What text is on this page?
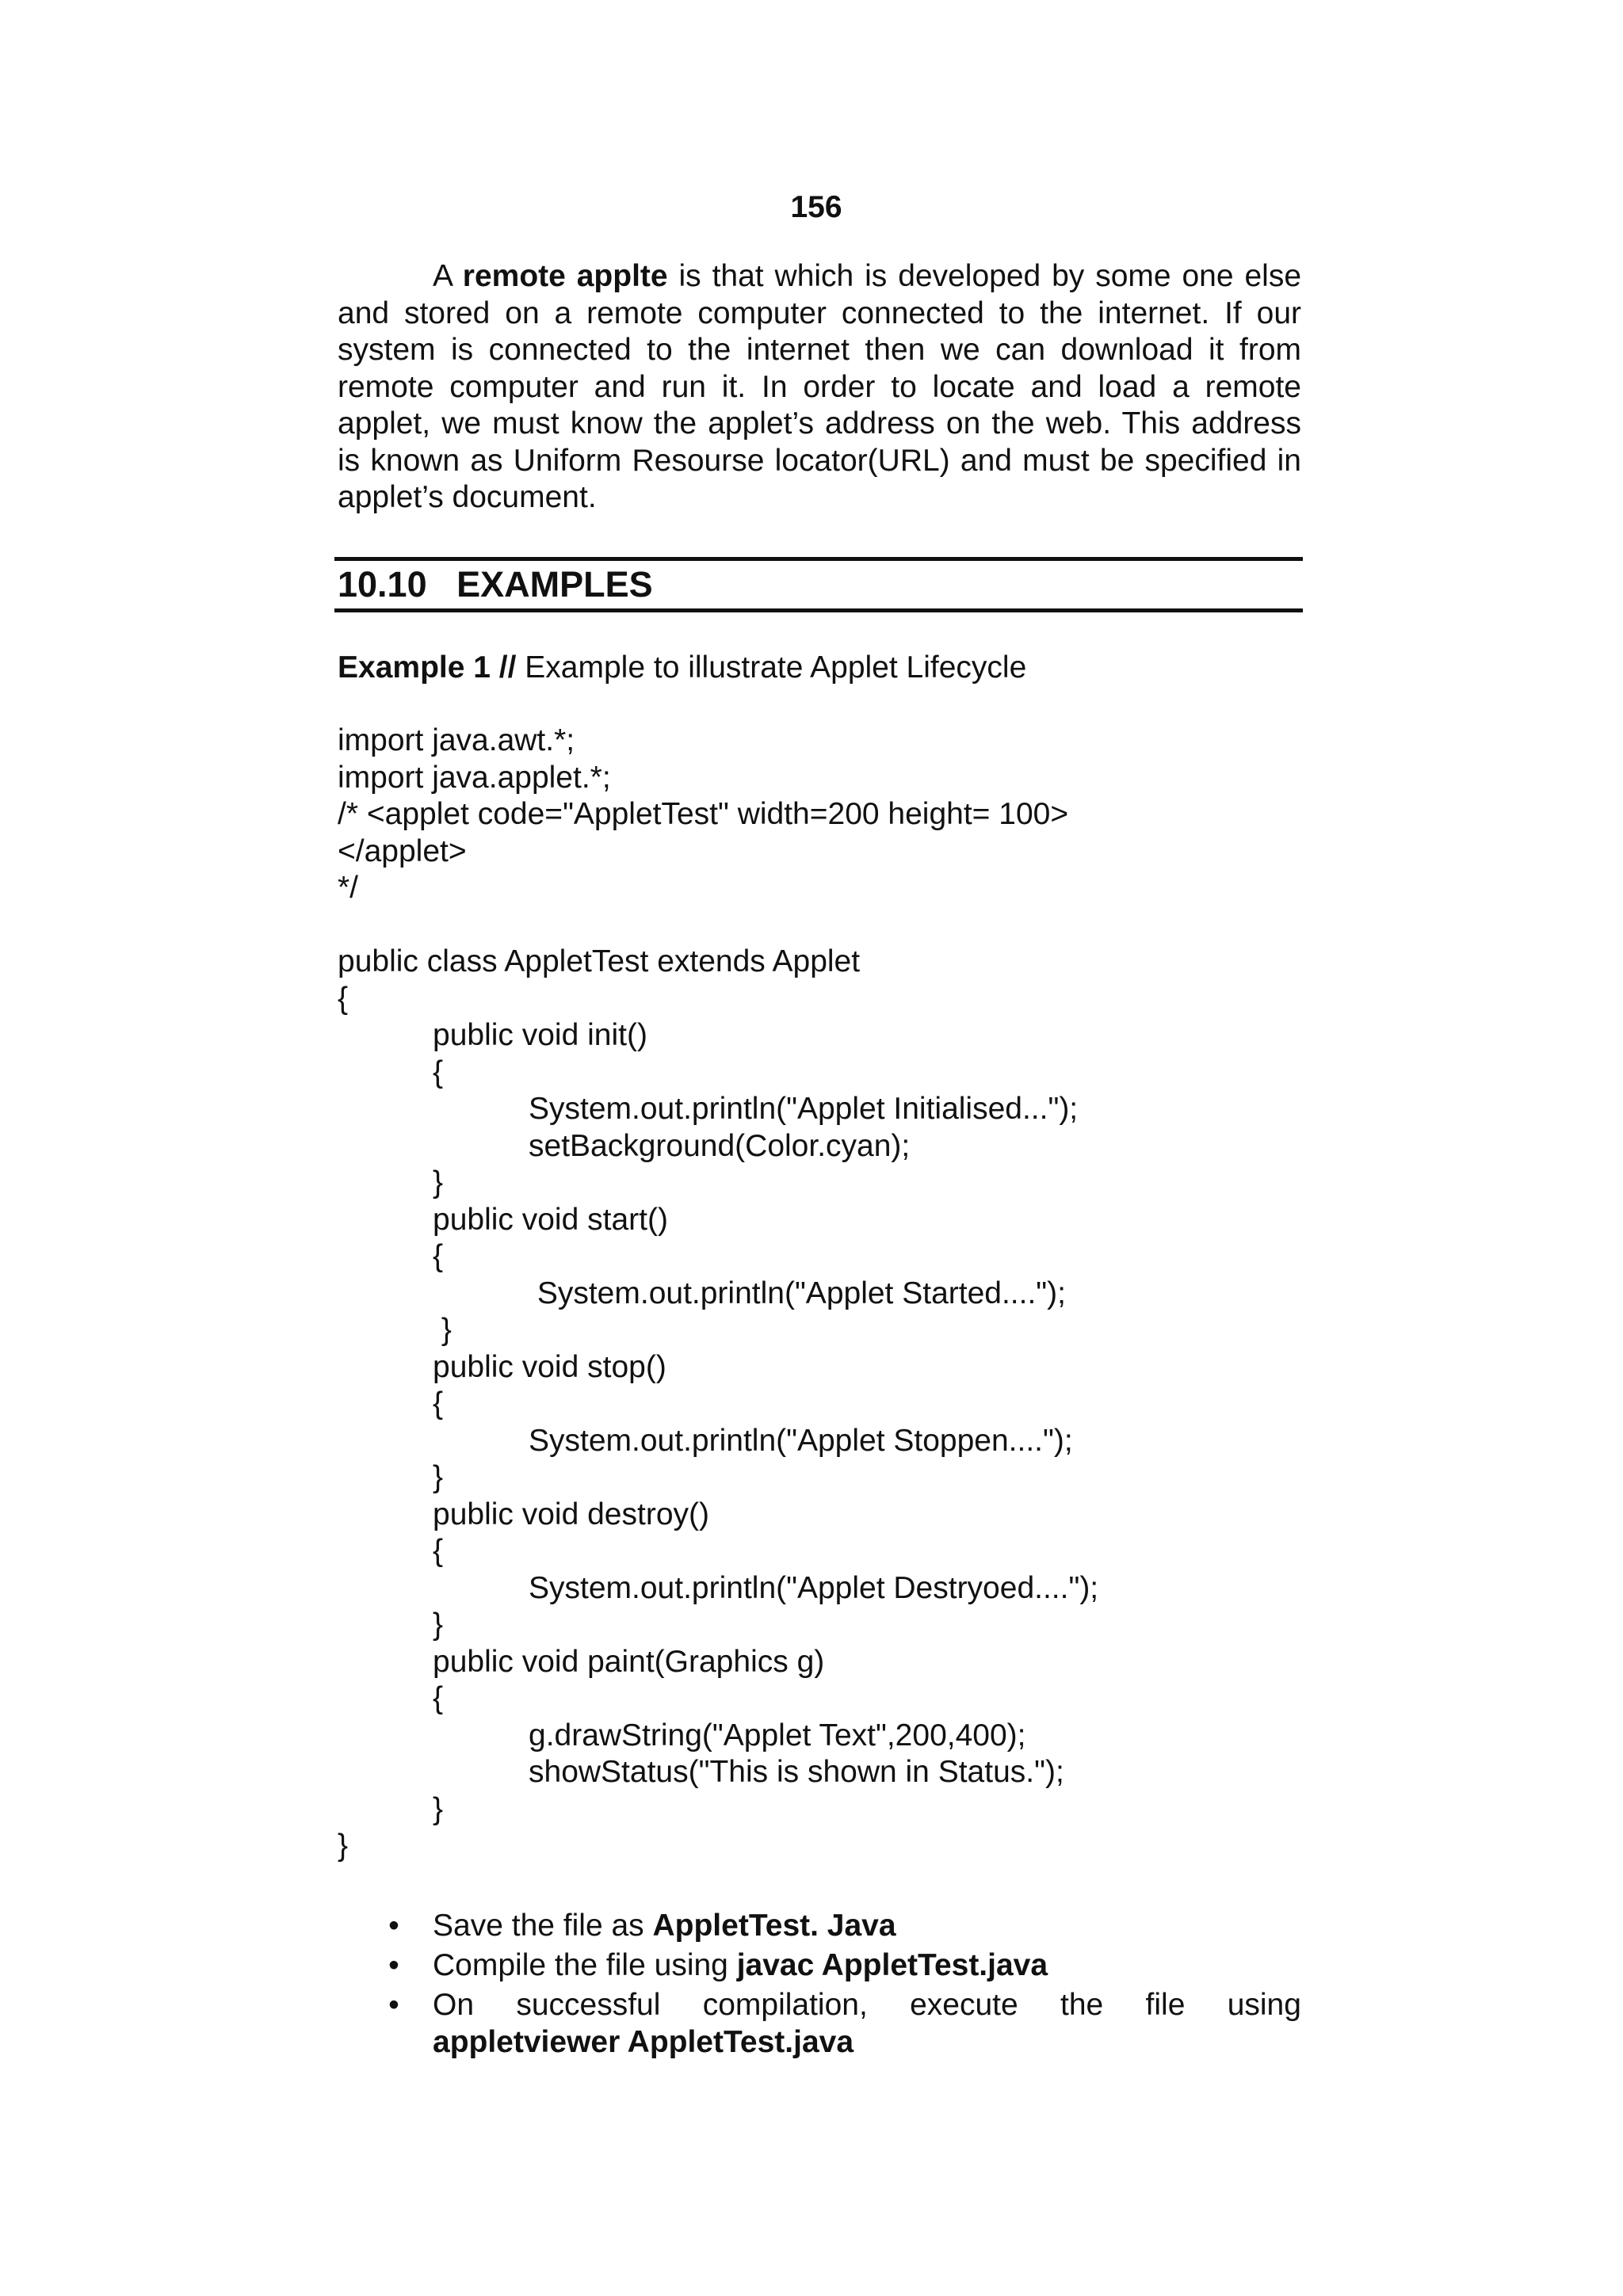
156

A remote applte is that which is developed by some one else and stored on a remote computer connected to the internet. If our system is connected to the internet then we can download it from remote computer and run it. In order to locate and load a remote applet, we must know the applet’s address on the web. This address is known as Uniform Resourse locator(URL) and must be specified in applet’s document.

10.10 EXAMPLES
Example 1 // Example to illustrate Applet Lifecycle
import java.awt.*;
import java.applet.*;
/* <applet code="AppletTest" width=200 height= 100>
</applet>
*/
public class AppletTest extends Applet
{
public void init()
{
System.out.println("Applet Initialised...");
setBackground(Color.cyan);
}
public void start()
{
System.out.println("Applet Started....");
}
public void stop()
{
System.out.println("Applet Stoppen....");
}
public void destroy()
{
System.out.println("Applet Destryoed....");
}
public void paint(Graphics g)
{
g.drawString("Applet Text",200,400);
showStatus("This is shown in Status.");
}
}
• Save the file as AppletTest. Java
• Compile the file using javac AppletTest.java
• On successful compilation, execute the file using
appletviewer AppletTest.java
